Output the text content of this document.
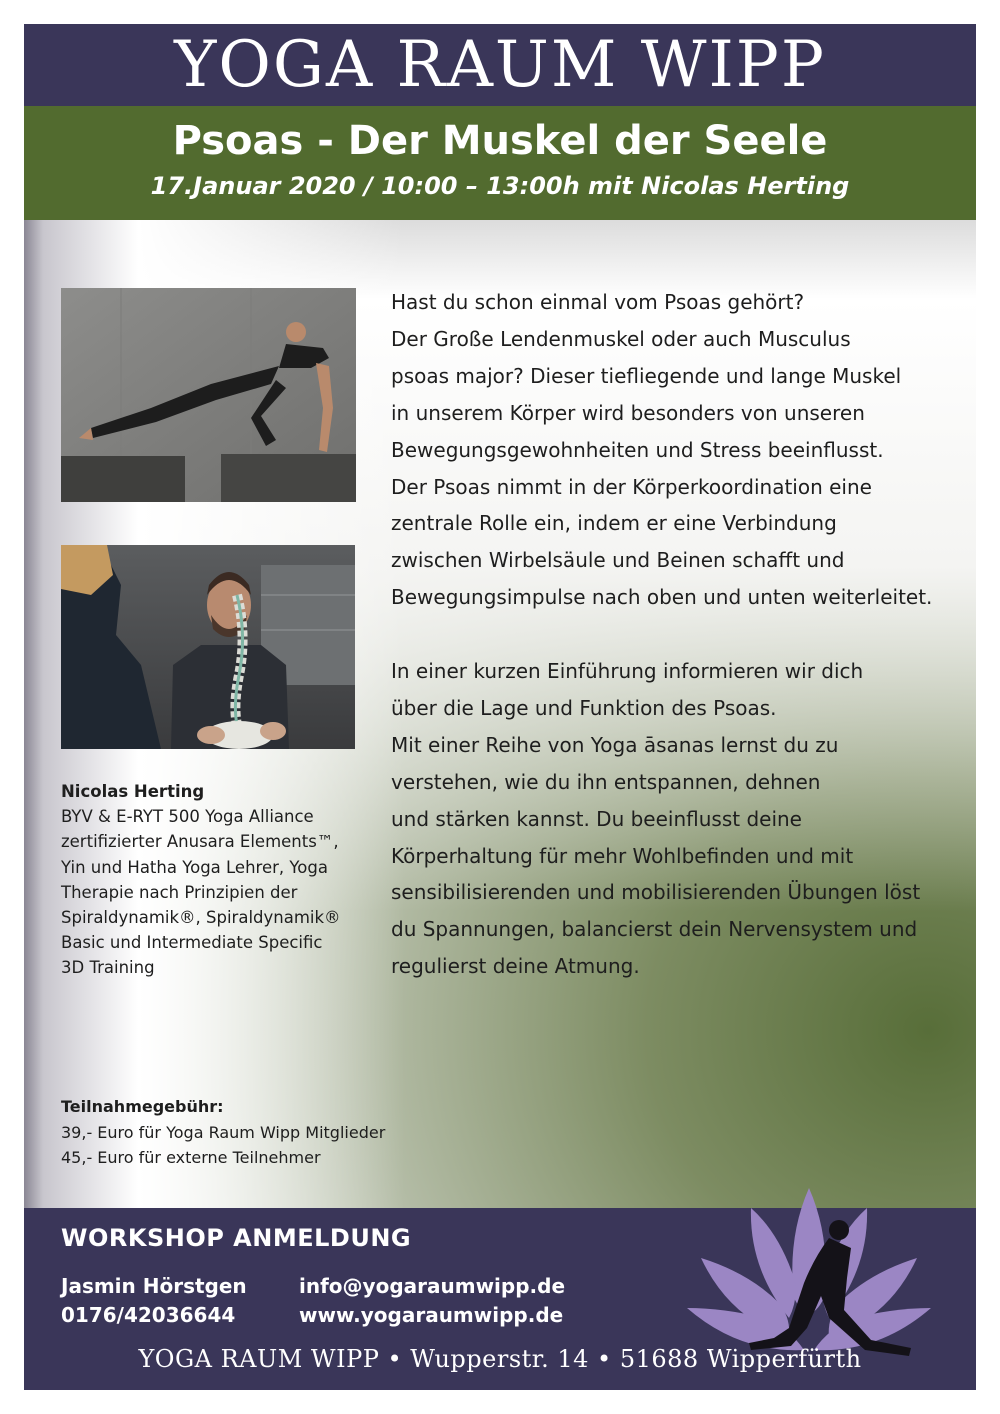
YOGA RAUM WIPP
Psoas - Der Muskel der Seele
17.Januar 2020 / 10:00 – 13:00h mit Nicolas Herting
Nicolas Herting
BYV & E-RYT 500 Yoga Alliance
zertifizierter Anusara Elements™,
Yin und Hatha Yoga Lehrer, Yoga
Therapie nach Prinzipien der
Spiraldynamik®, Spiraldynamik®
Basic und Intermediate Specific
3D Training
Teilnahmegebühr:
39,- Euro für Yoga Raum Wipp Mitglieder
45,- Euro für externe Teilnehmer
Hast du schon einmal vom Psoas gehört?
Der Große Lendenmuskel oder auch Musculus
psoas major? Dieser tiefliegende und lange Muskel
in unserem Körper wird besonders von unseren
Bewegungsgewohnheiten und Stress beeinflusst.
Der Psoas nimmt in der Körperkoordination eine
zentrale Rolle ein, indem er eine Verbindung
zwischen Wirbelsäule und Beinen schafft und
Bewegungsimpulse nach oben und unten weiterleitet.
In einer kurzen Einführung informieren wir dich
über die Lage und Funktion des Psoas.
Mit einer Reihe von Yoga āsanas lernst du zu
verstehen, wie du ihn entspannen, dehnen
und stärken kannst. Du beeinflusst deine
Körperhaltung für mehr Wohlbefinden und mit
sensibilisierenden und mobilisierenden Übungen löst
du Spannungen, balancierst dein Nervensystem und
regulierst deine Atmung.
WORKSHOP ANMELDUNG
Jasmin Hörstgen
0176/42036644
info@yogaraumwipp.de
www.yogaraumwipp.de
YOGA RAUM WIPP • Wupperstr. 14 • 51688 Wipperfürth
